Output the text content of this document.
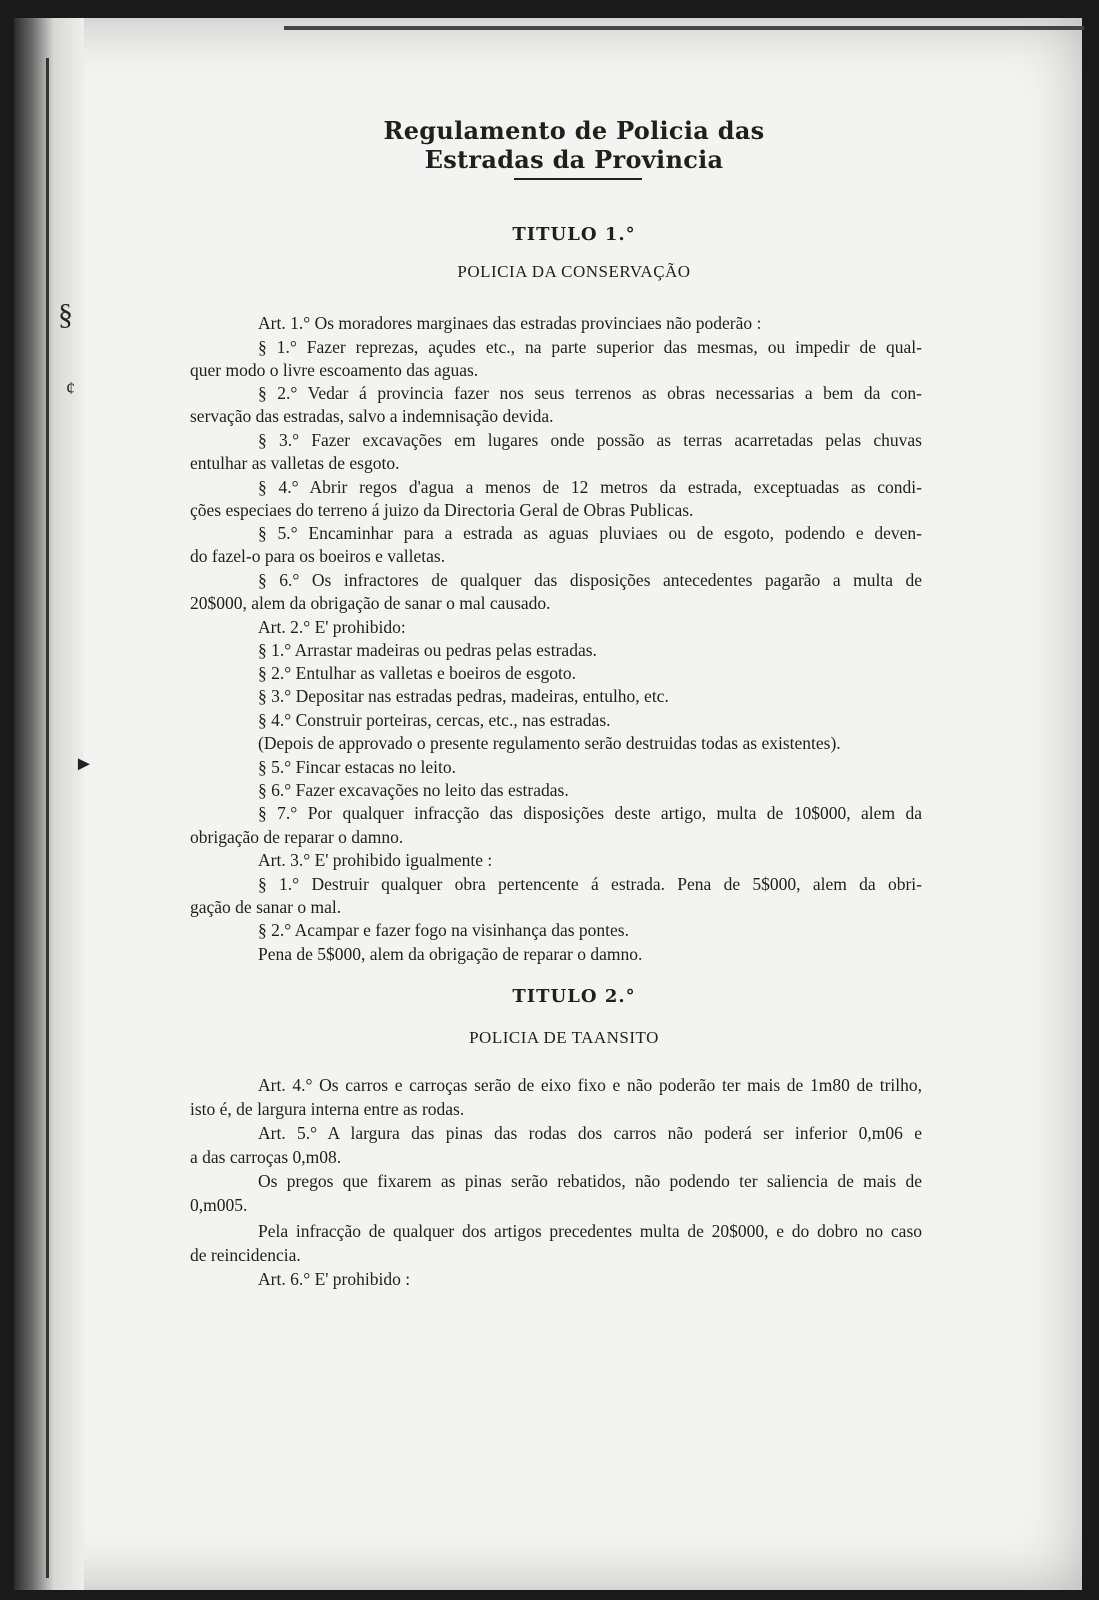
§
¢
►
Regulamento de Policia das Estradas da Provincia
TITULO 1.°
POLICIA DA CONSERVAÇÃO
Art. 1.° Os moradores marginaes das estradas provinciaes não poderão :
§ 1.° Fazer reprezas, açudes etc., na parte superior das mesmas, ou impedir de qual-
quer modo o livre escoamento das aguas.
§ 2.° Vedar á provincia fazer nos seus terrenos as obras necessarias a bem da con-
servação das estradas, salvo a indemnisação devida.
§ 3.° Fazer excavações em lugares onde possão as terras acarretadas pelas chuvas
entulhar as valletas de esgoto.
§ 4.° Abrir regos d'agua a menos de 12 metros da estrada, exceptuadas as condi-
ções especiaes do terreno á juizo da Directoria Geral de Obras Publicas.
§ 5.° Encaminhar para a estrada as aguas pluviaes ou de esgoto, podendo e deven-
do fazel-o para os boeiros e valletas.
§ 6.° Os infractores de qualquer das disposições antecedentes pagarão a multa de
20$000, alem da obrigação de sanar o mal causado.
Art. 2.° E' prohibido:
§ 1.° Arrastar madeiras ou pedras pelas estradas.
§ 2.° Entulhar as valletas e boeiros de esgoto.
§ 3.° Depositar nas estradas pedras, madeiras, entulho, etc.
§ 4.° Construir porteiras, cercas, etc., nas estradas.
(Depois de approvado o presente regulamento serão destruidas todas as existentes).
§ 5.° Fincar estacas no leito.
§ 6.° Fazer excavações no leito das estradas.
§ 7.° Por qualquer infracção das disposições deste artigo, multa de 10$000, alem da
obrigação de reparar o damno.
Art. 3.° E' prohibido igualmente :
§ 1.° Destruir qualquer obra pertencente á estrada. Pena de 5$000, alem da obri-
gação de sanar o mal.
§ 2.° Acampar e fazer fogo na visinhança das pontes.
Pena de 5$000, alem da obrigação de reparar o damno.
TITULO 2.°
POLICIA DE TAANSITO
Art. 4.° Os carros e carroças serão de eixo fixo e não poderão ter mais de 1m80 de trilho,
isto é, de largura interna entre as rodas.
Art. 5.° A largura das pinas das rodas dos carros não poderá ser inferior 0,m06 e
a das carroças 0,m08.
Os pregos que fixarem as pinas serão rebatidos, não podendo ter saliencia de mais de
0,m005.
Pela infracção de qualquer dos artigos precedentes multa de 20$000, e do dobro no caso
de reincidencia.
Art. 6.° E' prohibido :
